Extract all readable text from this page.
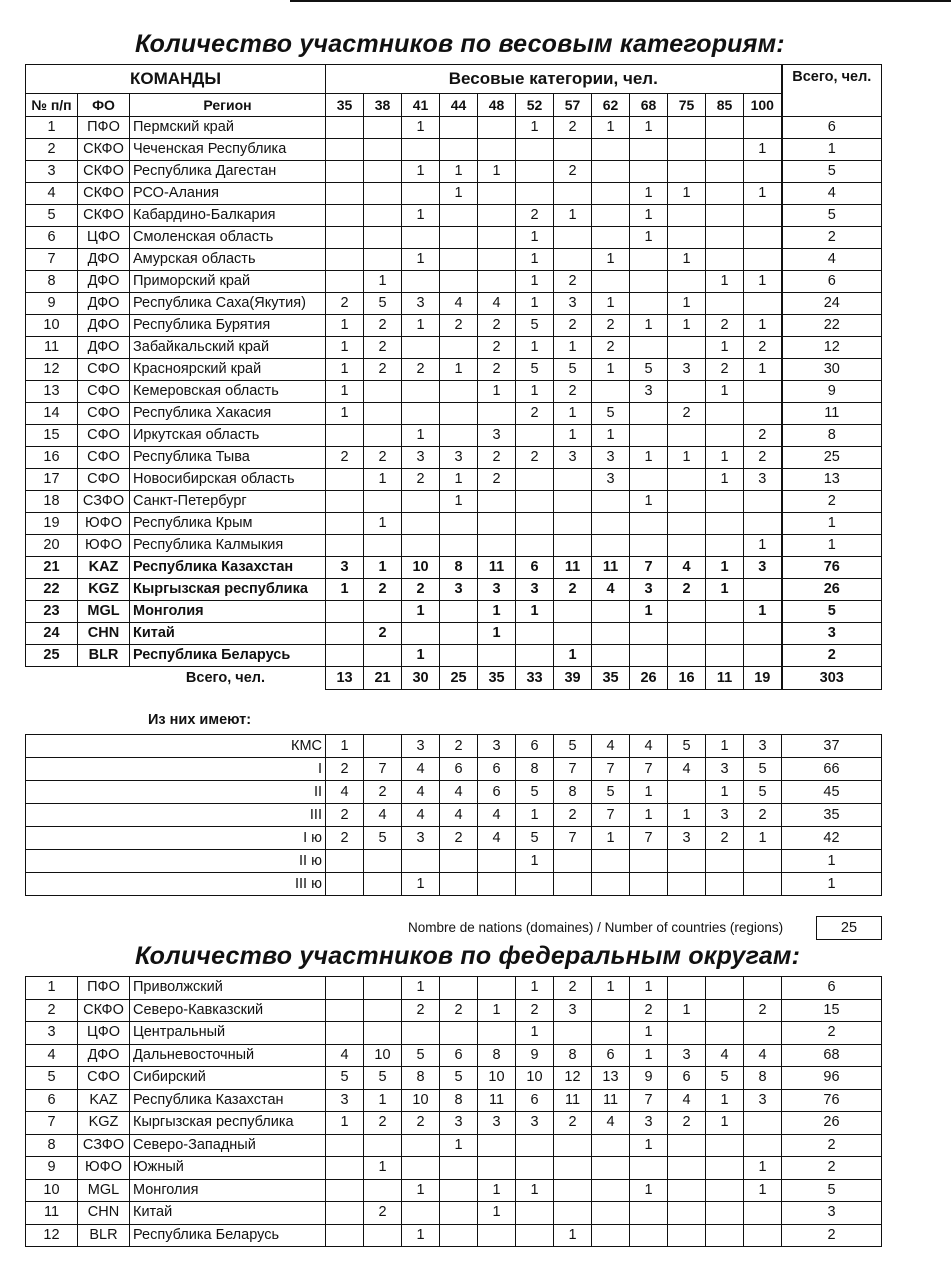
Количество участников по весовым категориям:
КОМАНДЫ			Весовые категории, чел.												Всего, чел.
№ п/п	ФО	Регион	35	38	41	44	48	52	57	62	68	75	85	100	
1	ПФО	Пермский край			1			1	2	1	1				6
2	СКФО	Чеченская Республика												1	1
3	СКФО	Республика Дагестан			1	1	1		2						5
4	СКФО	РСО-Алания				1					1	1		1	4
5	СКФО	Кабардино-Балкария			1			2	1		1				5
6	ЦФО	Смоленская область						1			1				2
7	ДФО	Амурская область			1			1		1		1			4
8	ДФО	Приморский край		1				1	2				1	1	6
9	ДФО	Республика Саха(Якутия)	2	5	3	4	4	1	3	1		1			24
10	ДФО	Республика Бурятия	1	2	1	2	2	5	2	2	1	1	2	1	22
11	ДФО	Забайкальский край	1	2			2	1	1	2			1	2	12
12	СФО	Красноярский край	1	2	2	1	2	5	5	1	5	3	2	1	30
13	СФО	Кемеровская область	1				1	1	2		3		1		9
14	СФО	Республика Хакасия	1					2	1	5		2			11
15	СФО	Иркутская область			1		3		1	1				2	8
16	СФО	Республика Тыва	2	2	3	3	2	2	3	3	1	1	1	2	25
17	СФО	Новосибирская область		1	2	1	2			3			1	3	13
18	СЗФО	Санкт-Петербург				1					1				2
19	ЮФО	Республика Крым		1											1
20	ЮФО	Республика Калмыкия												1	1
21	KAZ	Республика Казахстан	3	1	10	8	11	6	11	11	7	4	1	3	76
22	KGZ	Кыргызская республика	1	2	2	3	3	3	2	4	3	2	1		26
23	MGL	Монголия			1		1	1			1			1	5
24	CHN	Китай		2			1								3
25	BLR	Республика Беларусь			1				1						2
Всего, чел.			13	21	30	25	35	33	39	35	26	16	11	19	303
Из них имеют:
КМС	1		3	2	3	6	5	4	4	5	1	3	37
I	2	7	4	6	6	8	7	7	7	4	3	5	66
II	4	2	4	4	6	5	8	5	1		1	5	45
III	2	4	4	4	4	1	2	7	1	1	3	2	35
I ю	2	5	3	2	4	5	7	1	7	3	2	1	42
II ю						1							1
III ю			1										1
Nombre de nations (domaines) / Number of countries (regions)	25
Количество участников по федеральным округам:
1	ПФО	Приволжский			1			1	2	1	1				6
2	СКФО	Северо-Кавказский			2	2	1	2	3		2	1		2	15
3	ЦФО	Центральный						1			1				2
4	ДФО	Дальневосточный	4	10	5	6	8	9	8	6	1	3	4	4	68
5	СФО	Сибирский	5	5	8	5	10	10	12	13	9	6	5	8	96
6	KAZ	Республика Казахстан	3	1	10	8	11	6	11	11	7	4	1	3	76
7	KGZ	Кыргызская республика	1	2	2	3	3	3	2	4	3	2	1		26
8	СЗФО	Северо-Западный				1					1				2
9	ЮФО	Южный		1										1	2
10	MGL	Монголия			1		1	1			1			1	5
11	CHN	Китай		2			1								3
12	BLR	Республика Беларусь			1				1						2
